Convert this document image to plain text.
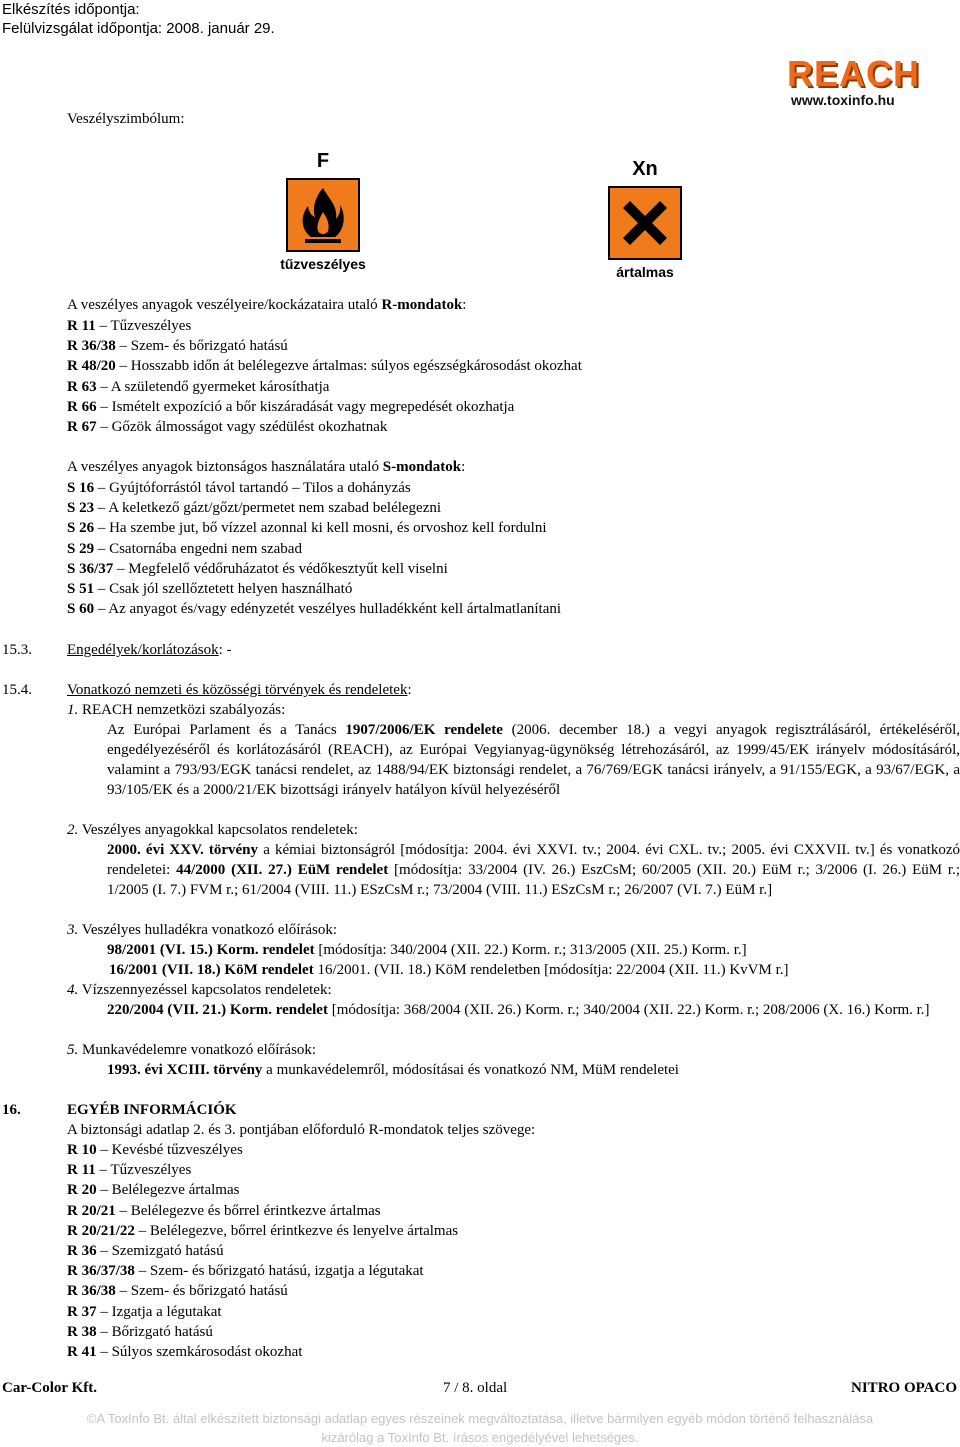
Elkészítés időpontja:
Felülvizsgálat időpontja: 2008. január 29.
REACH
www.toxinfo.hu
Veszélyszimbólum:
F
tűzveszélyes
Xn
ártalmas
A veszélyes anyagok veszélyeire/kockázataira utaló R-mondatok:
R 11 – Tűzveszélyes
R 36/38 – Szem- és bőrizgató hatású
R 48/20 – Hosszabb időn át belélegezve ártalmas: súlyos egészségkárosodást okozhat
R 63 – A születendő gyermeket károsíthatja
R 66 – Ismételt expozíció a bőr kiszáradását vagy megrepedését okozhatja
R 67 – Gőzök álmosságot vagy szédülést okozhatnak
A veszélyes anyagok biztonságos használatára utaló S-mondatok:
S 16 – Gyújtóforrástól távol tartandó – Tilos a dohányzás
S 23 – A keletkező gázt/gőzt/permetet nem szabad belélegezni
S 26 – Ha szembe jut, bő vízzel azonnal ki kell mosni, és orvoshoz kell fordulni
S 29 – Csatornába engedni nem szabad
S 36/37 – Megfelelő védőruházatot és védőkesztyűt kell viselni
S 51 – Csak jól szellőztetett helyen használható
S 60 – Az anyagot és/vagy edényzetét veszélyes hulladékként kell ártalmatlanítani
15.3. Engedélyek/korlátozások: -
15.4. Vonatkozó nemzeti és közösségi törvények és rendeletek:
1. REACH nemzetközi szabályozás:
Az Európai Parlament és a Tanács 1907/2006/EK rendelete (2006. december 18.) a vegyi anyagok regisztrálásáról, értékeléséről, engedélyezéséről és korlátozásáról (REACH), az Európai Vegyianyag-ügynökség létrehozásáról, az 1999/45/EK irányelv módosításáról, valamint a 793/93/EGK tanácsi rendelet, az 1488/94/EK biztonsági rendelet, a 76/769/EGK tanácsi irányelv, a 91/155/EGK, a 93/67/EGK, a 93/105/EK és a 2000/21/EK bizottsági irányelv hatályon kívül helyezéséről
2. Veszélyes anyagokkal kapcsolatos rendeletek:
2000. évi XXV. törvény a kémiai biztonságról [módosítja: 2004. évi XXVI. tv.; 2004. évi CXL. tv.; 2005. évi CXXVII. tv.] és vonatkozó rendeletei: 44/2000 (XII. 27.) EüM rendelet [módosítja: 33/2004 (IV. 26.) EszCsM; 60/2005 (XII. 20.) EüM r.; 3/2006 (I. 26.) EüM r.; 1/2005 (I. 7.) FVM r.; 61/2004 (VIII. 11.) ESzCsM r.; 73/2004 (VIII. 11.) ESzCsM r.; 26/2007 (VI. 7.) EüM r.]
3. Veszélyes hulladékra vonatkozó előírások:
98/2001 (VI. 15.) Korm. rendelet [módosítja: 340/2004 (XII. 22.) Korm. r.; 313/2005 (XII. 25.) Korm. r.]
16/2001 (VII. 18.) KöM rendelet 16/2001. (VII. 18.) KöM rendeletben [módosítja: 22/2004 (XII. 11.) KvVM r.]
4. Vízszennyezéssel kapcsolatos rendeletek:
220/2004 (VII. 21.) Korm. rendelet [módosítja: 368/2004 (XII. 26.) Korm. r.; 340/2004 (XII. 22.) Korm. r.; 208/2006 (X. 16.) Korm. r.]
5. Munkavédelemre vonatkozó előírások:
1993. évi XCIII. törvény a munkavédelemről, módosításai és vonatkozó NM, MüM rendeletei
16.	EGYÉB INFORMÁCIÓK
A biztonsági adatlap 2. és 3. pontjában előforduló R-mondatok teljes szövege:
R 10 – Kevésbé tűzveszélyes
R 11 – Tűzveszélyes
R 20 – Belélegezve ártalmas
R 20/21 – Belélegezve és bőrrel érintkezve ártalmas
R 20/21/22 – Belélegezve, bőrrel érintkezve és lenyelve ártalmas
R 36 – Szemizgató hatású
R 36/37/38 – Szem- és bőrizgató hatású, izgatja a légutakat
R 36/38 – Szem- és bőrizgató hatású
R 37 – Izgatja a légutakat
R 38 – Bőrizgató hatású
R 41 – Súlyos szemkárosodást okozhat
Car-Color Kft.	7 / 8. oldal	NITRO OPACO
©A ToxInfo Bt. által elkészített biztonsági adatlap egyes részeinek megváltoztatása, illetve bármilyen egyéb módon történő felhasználása
kizárólag a ToxInfo Bt. írásos engedélyével lehetséges.
